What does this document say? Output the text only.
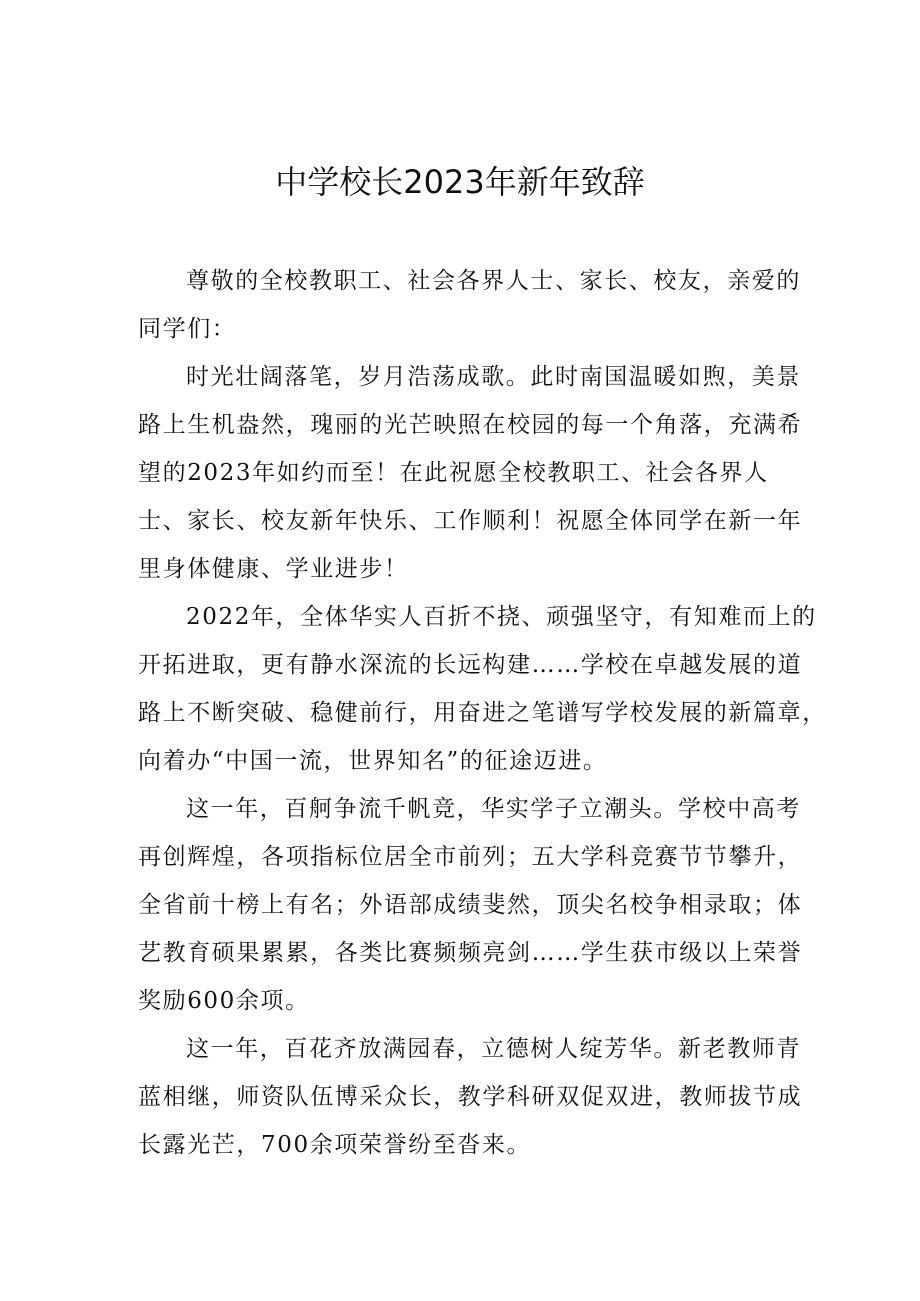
中学校长2023年新年致辞
尊敬的全校教职工、社会各界人士、家长、校友，亲爱的
同学们：
时光壮阔落笔，岁月浩荡成歌。此时南国温暖如煦，美景
路上生机盎然，瑰丽的光芒映照在校园的每一个角落，充满希
望的2023年如约而至！在此祝愿全校教职工、社会各界人
士、家长、校友新年快乐、工作顺利！祝愿全体同学在新一年
里身体健康、学业进步！
2022年，全体华实人百折不挠、顽强坚守，有知难而上的
开拓进取，更有静水深流的长远构建……学校在卓越发展的道
路上不断突破、稳健前行，用奋进之笔谱写学校发展的新篇章，
向着办“中国一流，世界知名”的征途迈进。
这一年，百舸争流千帆竞，华实学子立潮头。学校中高考
再创辉煌，各项指标位居全市前列；五大学科竞赛节节攀升，
全省前十榜上有名；外语部成绩斐然，顶尖名校争相录取；体
艺教育硕果累累，各类比赛频频亮剑……学生获市级以上荣誉
奖励600余项。
这一年，百花齐放满园春，立德树人绽芳华。新老教师青
蓝相继，师资队伍博采众长，教学科研双促双进，教师拔节成
长露光芒，700余项荣誉纷至沓来。
